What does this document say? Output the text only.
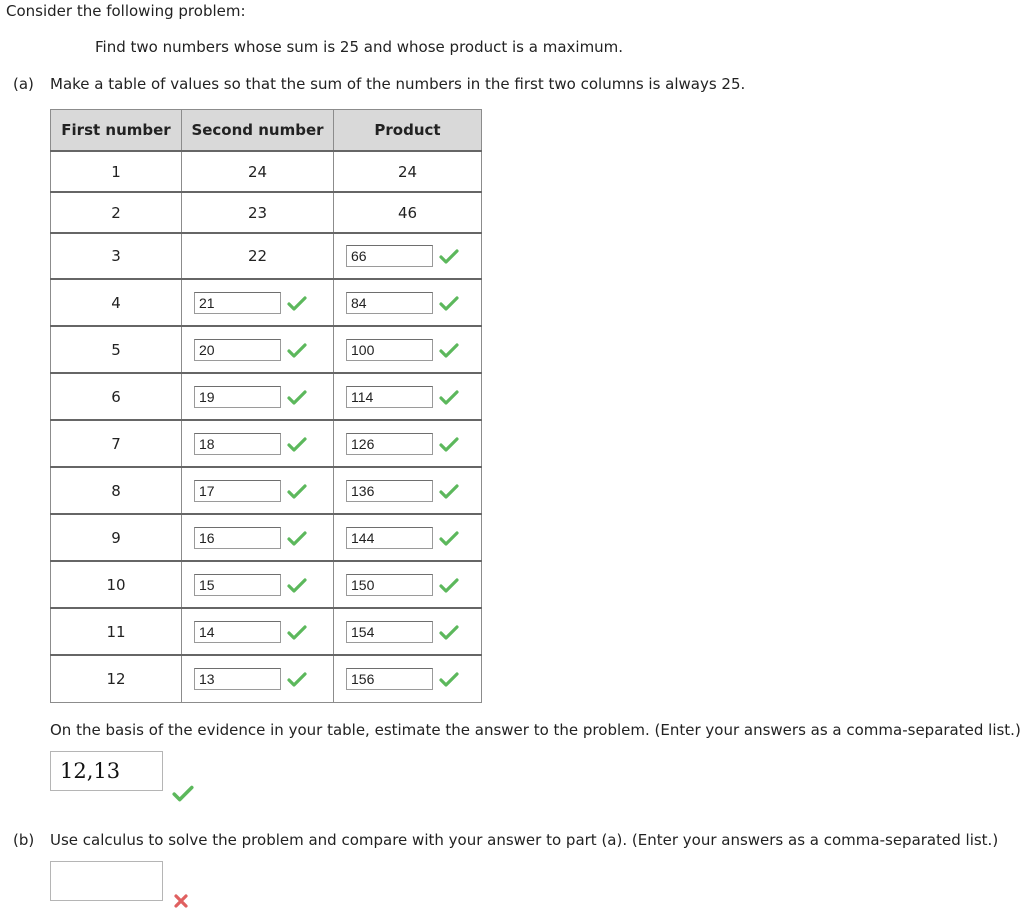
Consider the following problem:
Find two numbers whose sum is 25 and whose product is a maximum.
(a) Make a table of values so that the sum of the numbers in the first two columns is always 25.
First number	Second number	Product
1	24	24
2	23	46
3	22	66

4	21	84

5	20	100

6	19	114

7	18	126

8	17	136

9	16	144

10	15	150

11	14	154

12	13	156
On the basis of the evidence in your table, estimate the answer to the problem. (Enter your answers as a comma-separated list.)
12,13
(b) Use calculus to solve the problem and compare with your answer to part (a). (Enter your answers as a comma-separated list.)
